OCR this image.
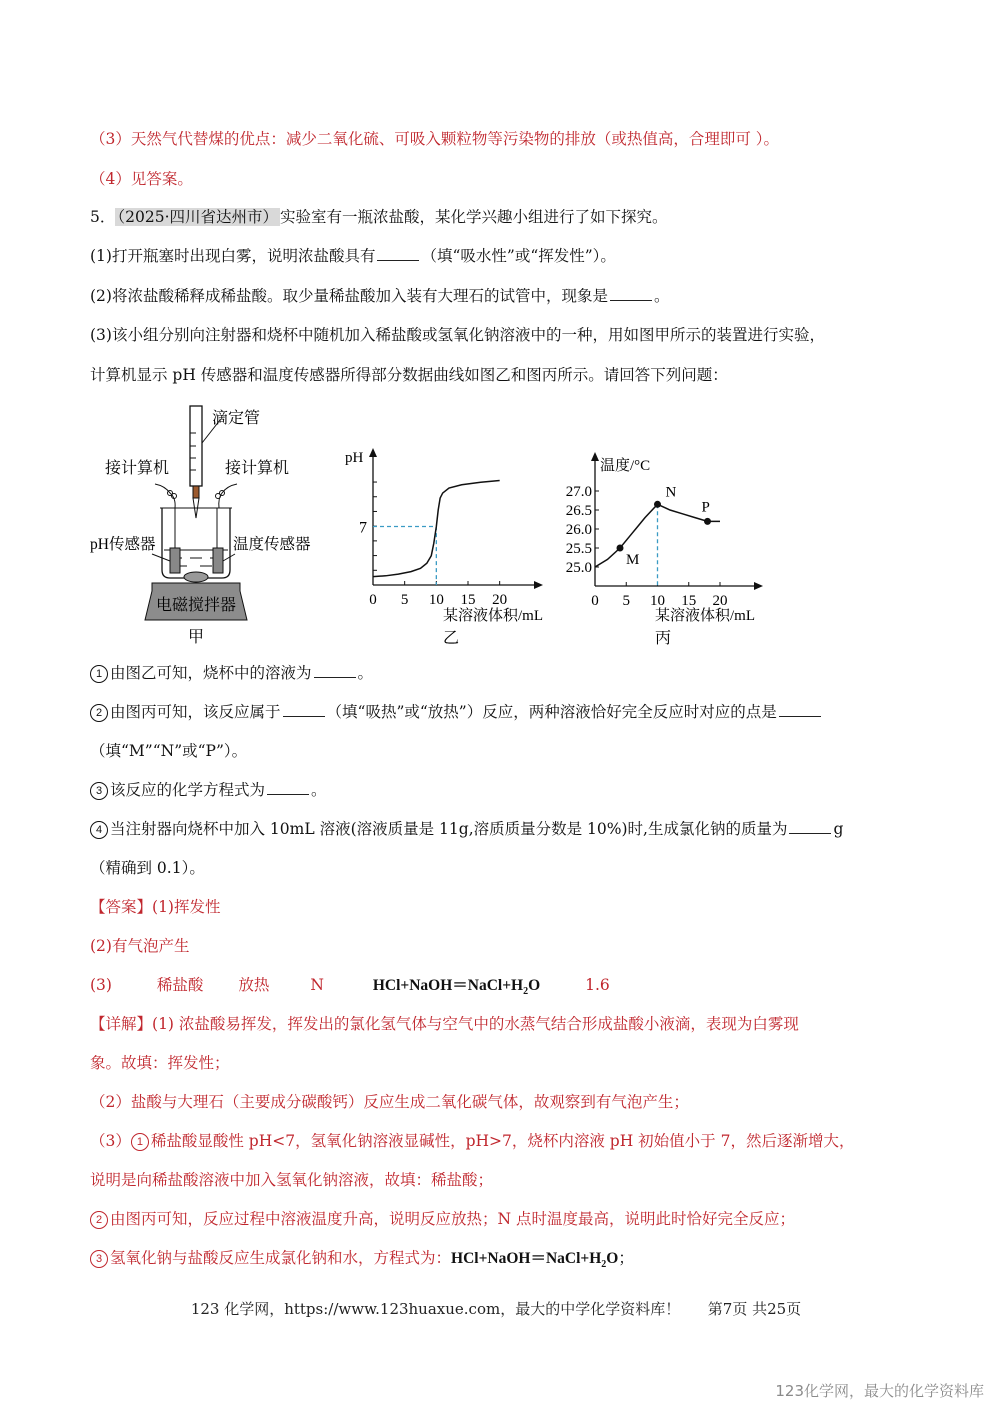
（3）天然气代替煤的优点：减少二氧化硫、可吸入颗粒物等污染物的排放（或热值高，合理即可 ）。
（4）见答案。
5． （2025·四川省达州市） 实验室有一瓶浓盐酸，某化学兴趣小组进行了如下探究。
(1)打开瓶塞时出现白雾，说明浓盐酸具有	（填“吸水性”或“挥发性”）。
(2)将浓盐酸稀释成稀盐酸。取少量稀盐酸加入装有大理石的试管中，现象是	。
(3)该小组分别向注射器和烧杯中随机加入稀盐酸或氢氧化钠溶液中的一种，用如图甲所示的装置进行实验，
计算机显示 pH 传感器和温度传感器所得部分数据曲线如图乙和图丙所示。请回答下列问题：
滴定管
接计算机	接计算机
pH传感器	温度传感器
电磁搅拌器
甲
0 5 10 15 20
7
pH
某溶液体积/mL
乙
0 5 10 15 20
25.0
25.5
26.0
26.5
27.0
温度/°C
M
N
P
某溶液体积/mL
丙
1 由图乙可知，烧杯中的溶液为	。
2 由图丙可知，该反应属于	（填“吸热”或“放热”）反应，两种溶液恰好完全反应时对应的点是
（填“M”“N”或“P”）。
3 该反应的化学方程式为	。
4 当注射器向烧杯中加入 10mL 溶液(溶液质量是 11g,溶质质量分数是 10%)时,生成氯化钠的质量为	g
（精确到 0.1）。
【答案】(1)挥发性
(2)有气泡产生
(3)	稀盐酸 放热	N	$HCl+NaOH=NaCl+H_2O$	1.6
【详解】(1) 浓盐酸易挥发，挥发出的氯化氢气体与空气中的水蒸气结合形成盐酸小液滴，表现为白雾现
象。故填：挥发性；
（2）盐酸与大理石（主要成分碳酸钙）反应生成二氧化碳气体，故观察到有气泡产生；
（3） 1 稀盐酸显酸性 pH<7，氢氧化钠溶液显碱性，pH>7，烧杯内溶液 pH 初始值小于 7，然后逐渐增大，
说明是向稀盐酸溶液中加入氢氧化钠溶液，故填：稀盐酸；
2 由图丙可知，反应过程中溶液温度升高，说明反应放热；N 点时温度最高，说明此时恰好完全反应；
3 氢氧化钠与盐酸反应生成氯化钠和水，方程式为：$HCl+NaOH=NaCl+H_2O$；
123 化学网，https://www.123huaxue.com，最大的中学化学资料库！ 第7页 共25页
123化学网，最大的化学资料库
